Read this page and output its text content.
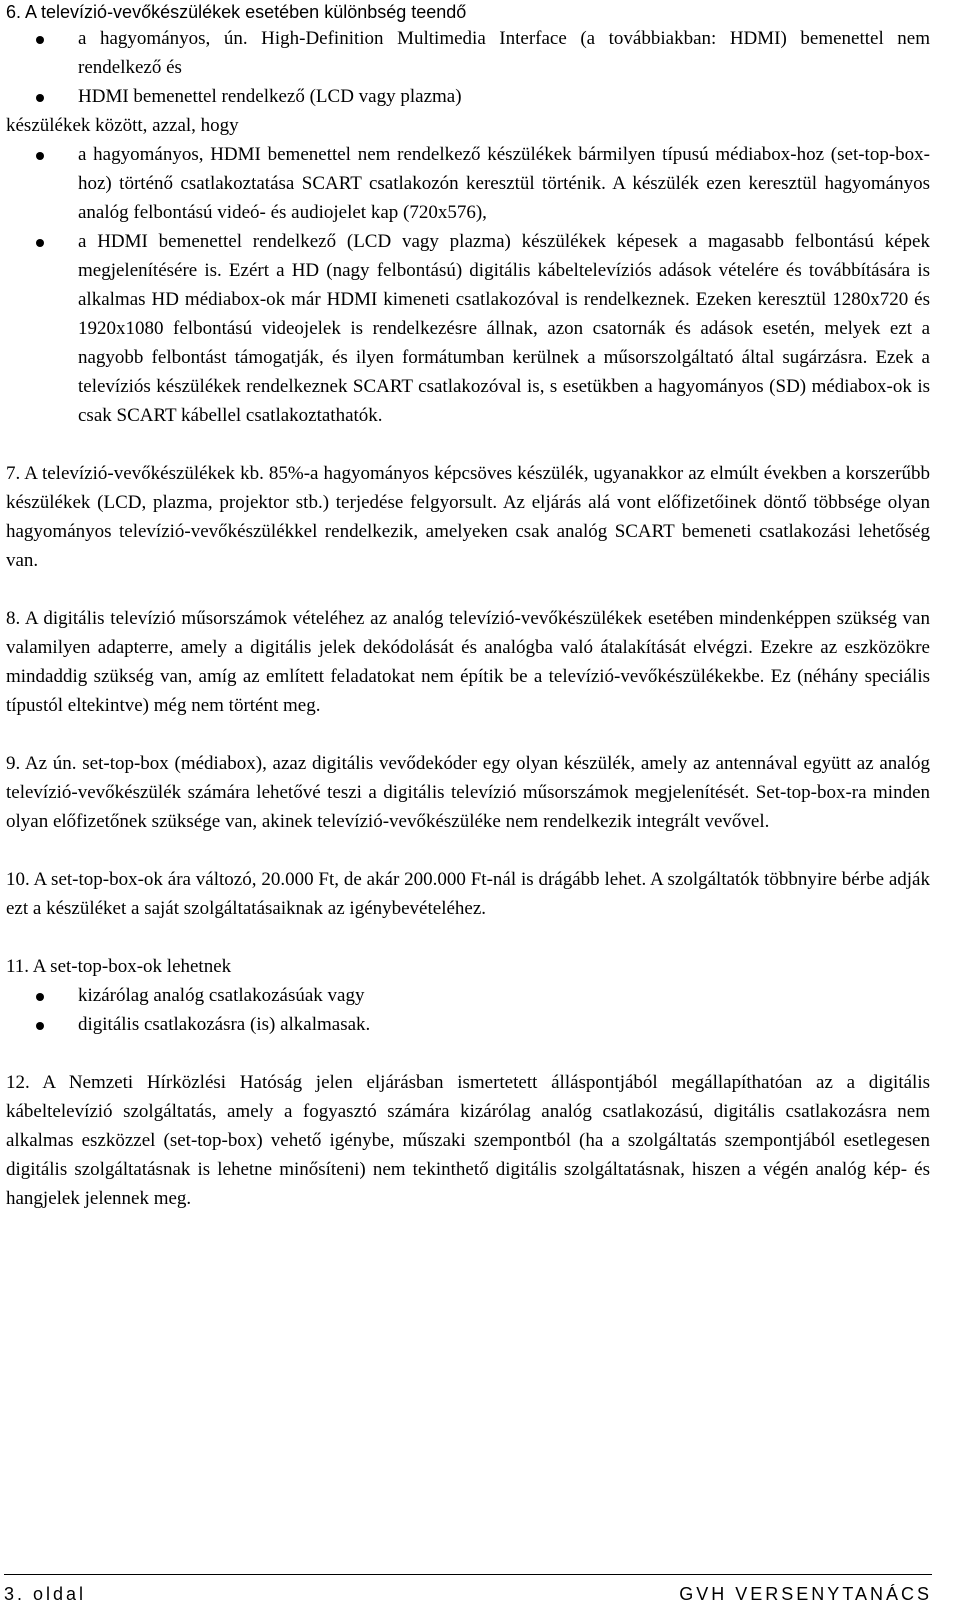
6. A televízió-vevőkészülékek esetében különbség teendő

a hagyományos, ún. High-Definition Multimedia Interface (a továbbiakban: HDMI) bemenettel nem rendelkező és
HDMI bemenettel rendelkező (LCD vagy plazma)

készülékek között, azzal, hogy

a hagyományos, HDMI bemenettel nem rendelkező készülékek bármilyen típusú médiabox-hoz (set-top-box-hoz) történő csatlakoztatása SCART csatlakozón keresztül történik. A készülék ezen keresztül hagyományos analóg felbontású videó- és audiojelet kap (720x576),
a HDMI bemenettel rendelkező (LCD vagy plazma) készülékek képesek a magasabb felbontású képek megjelenítésére is. Ezért a HD (nagy felbontású) digitális kábeltelevíziós adások vételére és továbbítására is alkalmas HD médiabox-ok már HDMI kimeneti csatlakozóval is rendelkeznek. Ezeken keresztül 1280x720 és 1920x1080 felbontású videojelek is rendelkezésre állnak, azon csatornák és adások esetén, melyek ezt a nagyobb felbontást támogatják, és ilyen formátumban kerülnek a műsorszolgáltató által sugárzásra. Ezek a televíziós készülékek rendelkeznek SCART csatlakozóval is, s esetükben a hagyományos (SD) médiabox-ok is csak SCART kábellel csatlakoztathatók.

7. A televízió-vevőkészülékek kb. 85%-a hagyományos képcsöves készülék, ugyanakkor az elmúlt években a korszerűbb készülékek (LCD, plazma, projektor stb.) terjedése felgyorsult. Az eljárás alá vont előfizetőinek döntő többsége olyan hagyományos televízió-vevőkészülékkel rendelkezik, amelyeken csak analóg SCART bemeneti csatlakozási lehetőség van.

8. A digitális televízió műsorszámok vételéhez az analóg televízió-vevőkészülékek esetében mindenképpen szükség van valamilyen adapterre, amely a digitális jelek dekódolását és analógba való átalakítását elvégzi. Ezekre az eszközökre mindaddig szükség van, amíg az említett feladatokat nem építik be a televízió-vevőkészülékekbe. Ez (néhány speciális típustól eltekintve) még nem történt meg.

9. Az ún. set-top-box (médiabox), azaz digitális vevődekóder egy olyan készülék, amely az antennával együtt az analóg televízió-vevőkészülék számára lehetővé teszi a digitális televízió műsorszámok megjelenítését. Set-top-box-ra minden olyan előfizetőnek szüksége van, akinek televízió-vevőkészüléke nem rendelkezik integrált vevővel.

10. A set-top-box-ok ára változó, 20.000 Ft, de akár 200.000 Ft-nál is drágább lehet. A szolgáltatók többnyire bérbe adják ezt a készüléket a saját szolgáltatásaiknak az igénybevételéhez.

11. A set-top-box-ok lehetnek

kizárólag analóg csatlakozásúak vagy
digitális csatlakozásra (is) alkalmasak.

12. A Nemzeti Hírközlési Hatóság jelen eljárásban ismertetett álláspontjából megállapíthatóan az a digitális kábeltelevízió szolgáltatás, amely a fogyasztó számára kizárólag analóg csatlakozású, digitális csatlakozásra nem alkalmas eszközzel (set-top-box) vehető igénybe, műszaki szempontból (ha a szolgáltatás szempontjából esetlegesen digitális szolgáltatásnak is lehetne minősíteni) nem tekinthető digitális szolgáltatásnak, hiszen a végén analóg kép- és hangjelek jelennek meg.

3. oldal	GVH VERSENYTANÁCS
